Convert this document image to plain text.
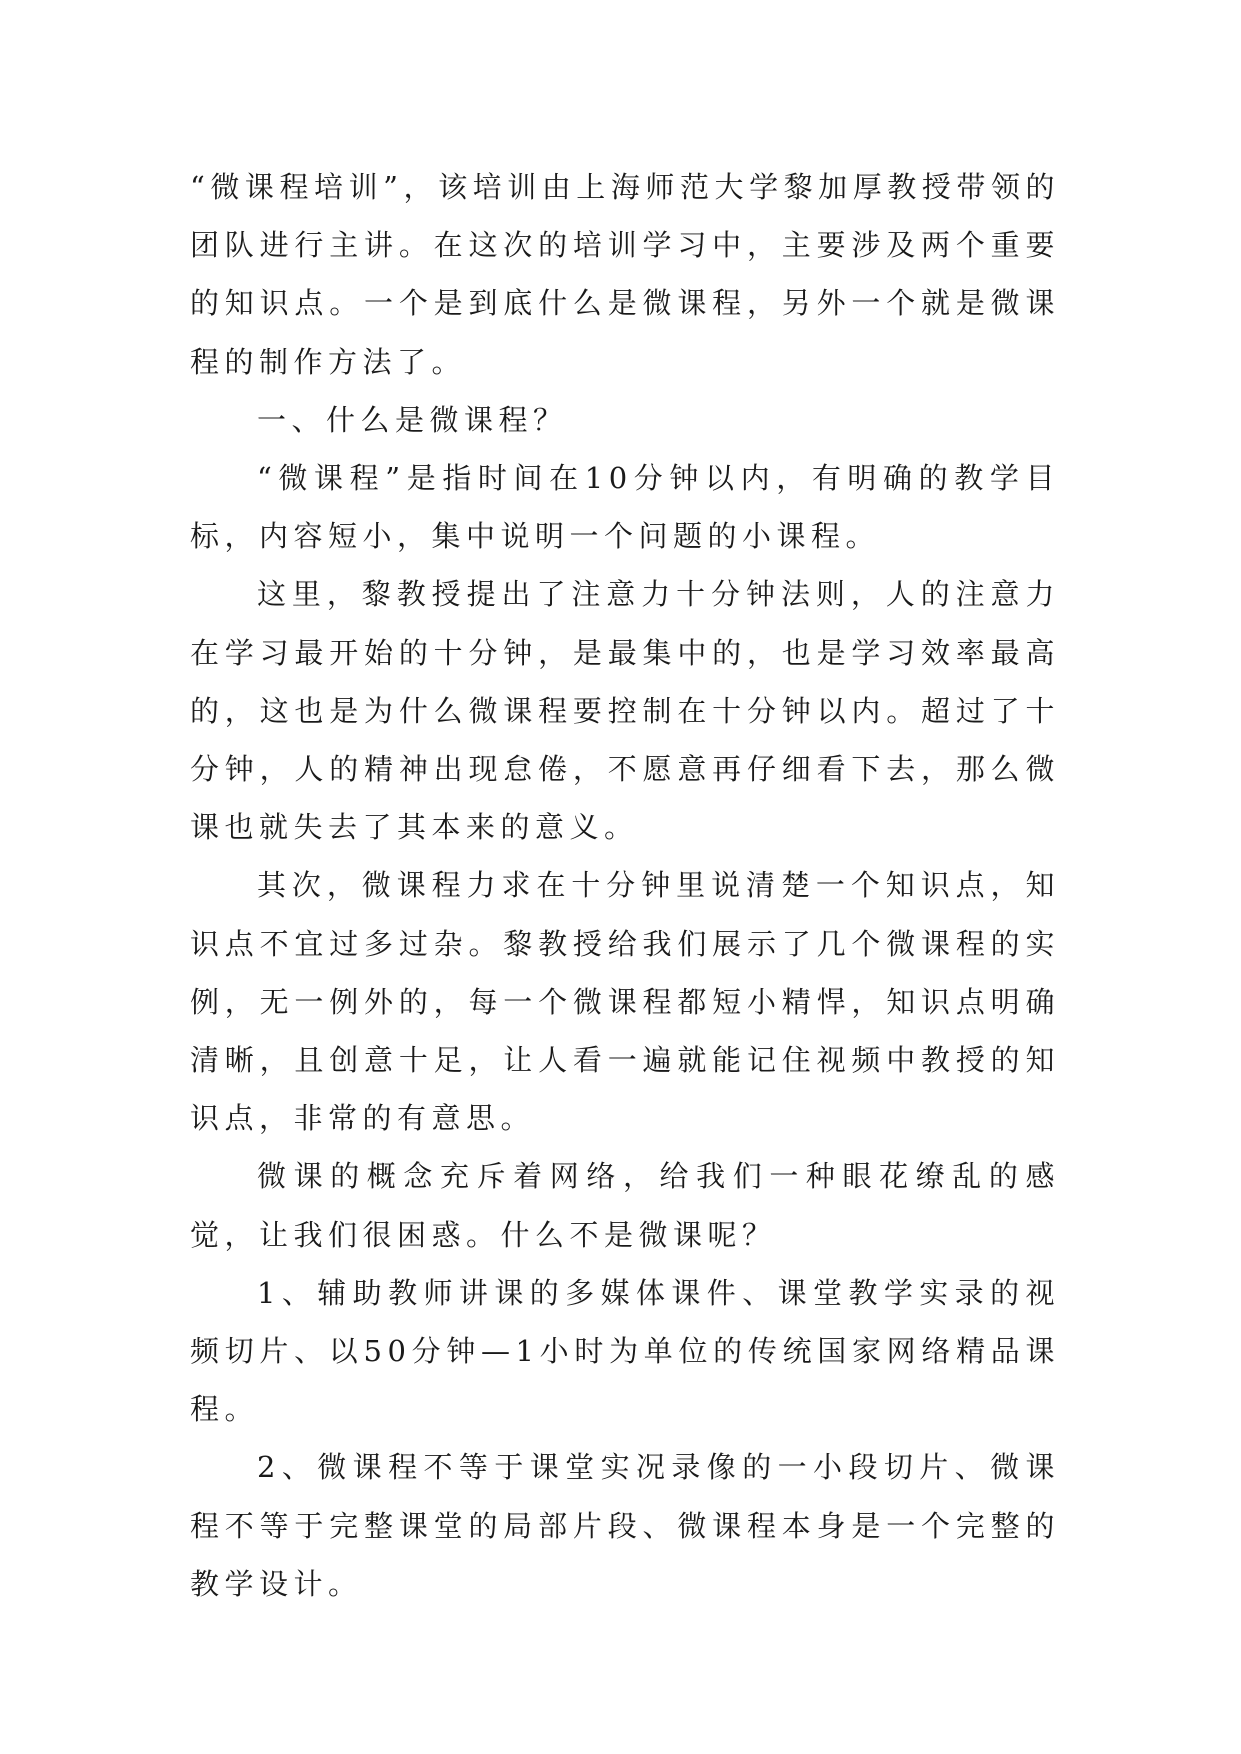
“微课程培训”，该培训由上海师范大学黎加厚教授带领的团队进行主讲。在这次的培训学习中，主要涉及两个重要的知识点。一个是到底什么是微课程，另外一个就是微课程的制作方法了。

一、什么是微课程？

“微课程”是指时间在10分钟以内，有明确的教学目标，内容短小，集中说明一个问题的小课程。

这里，黎教授提出了注意力十分钟法则，人的注意力在学习最开始的十分钟，是最集中的，也是学习效率最高的，这也是为什么微课程要控制在十分钟以内。超过了十分钟，人的精神出现怠倦，不愿意再仔细看下去，那么微课也就失去了其本来的意义。

其次，微课程力求在十分钟里说清楚一个知识点，知识点不宜过多过杂。黎教授给我们展示了几个微课程的实例，无一例外的，每一个微课程都短小精悍，知识点明确清晰，且创意十足，让人看一遍就能记住视频中教授的知识点，非常的有意思。

微课的概念充斥着网络，给我们一种眼花缭乱的感觉，让我们很困惑。什么不是微课呢？

1、辅助教师讲课的多媒体课件、课堂教学实录的视频切片、以50分钟—1小时为单位的传统国家网络精品课程。

2、微课程不等于课堂实况录像的一小段切片、微课程不等于完整课堂的局部片段、微课程本身是一个完整的教学设计。
